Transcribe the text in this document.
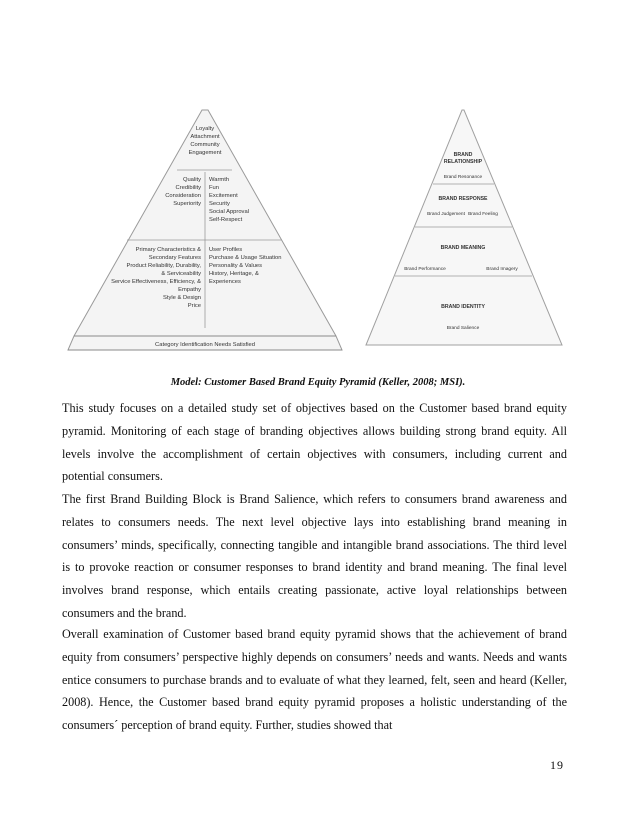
Loyalty
Attachment
Community
Engagement
Quality
Credibility
Consideration
Superiority
Warmth
Fun
Excitement
Security
Social Approval
Self-Respect
Primary Characteristics &
Secondary Features
Product Reliability, Durability,
& Serviceability
Service Effectiveness, Efficiency, &
Empathy
Style & Design
Price
User Profiles
Purchase & Usage Situation
Personality & Values
History, Heritage, &
Experiences
Category Identification Needs Satisfied
BRAND
RELATIONSHIP
BRAND RESPONSE
BRAND MEANING
BRAND IDENTITY
Brand Resonance
Brand Judgement Brand Feeling
Brand Performance	Brand Imagery
Brand Salience
Model: Customer Based Brand Equity Pyramid (Keller, 2008; MSI).

This study focuses on a detailed study set of objectives based on the Customer based brand equity pyramid. Monitoring of each stage of branding objectives allows building strong brand equity. All levels involve the accomplishment of certain objectives with consumers, including current and potential consumers.

The first Brand Building Block is Brand Salience, which refers to consumers brand awareness and relates to consumers needs. The next level objective lays into establishing brand meaning in consumers’ minds, specifically, connecting tangible and intangible brand associations. The third level is to provoke reaction or consumer responses to brand identity and brand meaning. The final level involves brand response, which entails creating passionate, active loyal relationships between consumers and the brand.

Overall examination of Customer based brand equity pyramid shows that the achievement of brand equity from consumers’ perspective highly depends on consumers’ needs and wants. Needs and wants entice consumers to purchase brands and to evaluate of what they learned, felt, seen and heard (Keller, 2008). Hence, the Customer based brand equity pyramid proposes a holistic understanding of the consumers´ perception of brand equity. Further, studies showed that

19
